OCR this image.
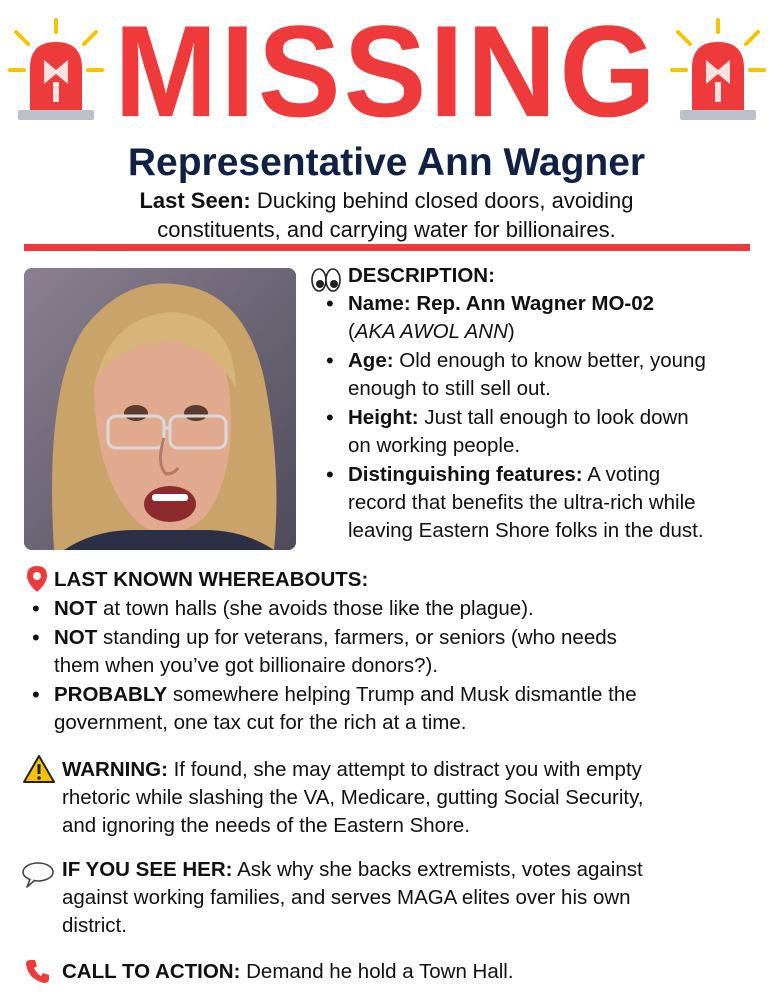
MISSING
Representative Ann Wagner
Last Seen: Ducking behind closed doors, avoiding
constituents, and carrying water for billionaires.
DESCRIPTION:
• Name: Rep. Ann Wagner MO-02
(AKA AWOL ANN)
• Age: Old enough to know better, young
enough to still sell out.
• Height: Just tall enough to look down
on working people.
• Distinguishing features: A voting
record that benefits the ultra-rich while
leaving Eastern Shore folks in the dust.
LAST KNOWN WHEREABOUTS:
• NOT at town halls (she avoids those like the plague).
• NOT standing up for veterans, farmers, or seniors (who needs
them when you’ve got billionaire donors?).
• PROBABLY somewhere helping Trump and Musk dismantle the
government, one tax cut for the rich at a time.
WARNING: If found, she may attempt to distract you with empty
rhetoric while slashing the VA, Medicare, gutting Social Security,
and ignoring the needs of the Eastern Shore.
IF YOU SEE HER: Ask why she backs extremists, votes against
against working families, and serves MAGA elites over his own
district.
CALL TO ACTION: Demand he hold a Town Hall.
